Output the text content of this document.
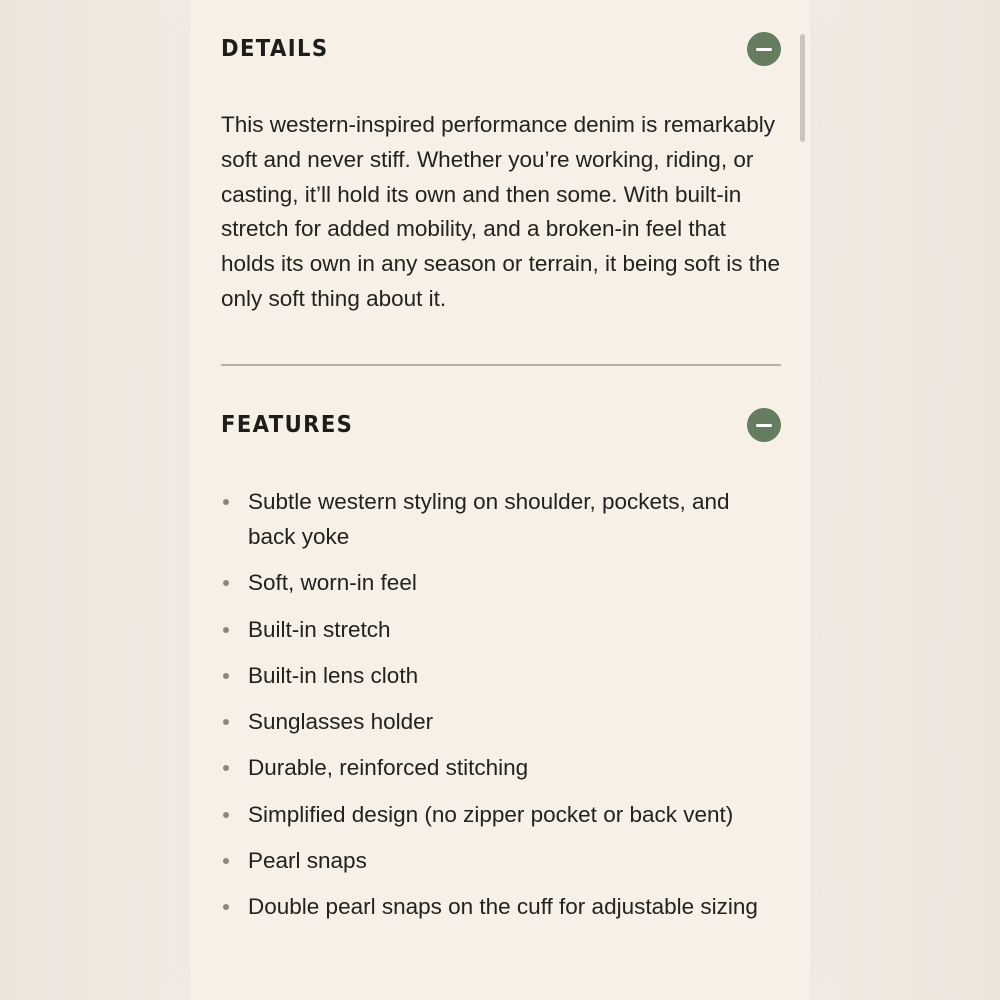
DETAILS

This western-inspired performance denim is remarkably soft and never stiff. Whether you’re working, riding, or casting, it’ll hold its own and then some. With built-in stretch for added mobility, and a broken-in feel that holds its own in any season or terrain, it being soft is the only soft thing about it.

FEATURES
Subtle western styling on shoulder, pockets, and back yoke
Soft, worn-in feel
Built-in stretch
Built-in lens cloth
Sunglasses holder
Durable, reinforced stitching
Simplified design (no zipper pocket or back vent)
Pearl snaps
Double pearl snaps on the cuff for adjustable sizing
